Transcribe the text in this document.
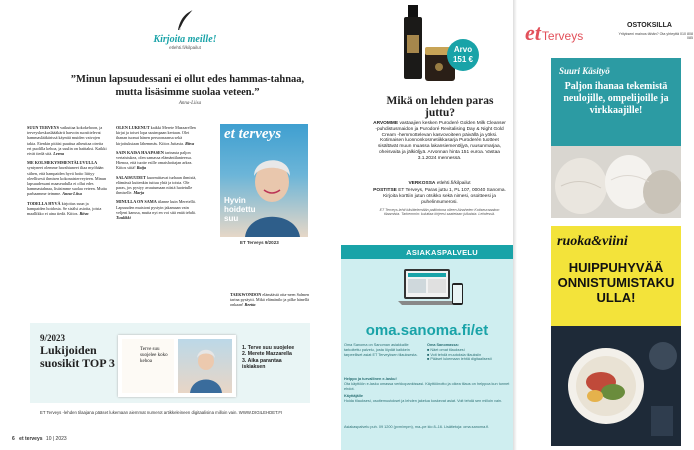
Kirjoita meille!
etlehti.fi/kilpailut
”Minun lapsuudessani ei ollut edes hammas-tahnaa, mutta lisäsimme suolaa veteen.”
Anna-Liisa

SUUN TERVEYS vaikuttaa kokokehoon, ja terveyskeskusläääkärit harvoin suosittelevat hammaslääkärissä käyntiä muiden vaivojen takia. Etenkin pitäisi puuttua aiheuttaa oireita eri puolilla kehoa, ja suulin on haittaksi. Kaikki eivät tiedä sitä. Leena

ME KOLMEKYMMENTÄLUVULLA syntyneet olemme havahtuneet iliaa myöhään siihen, että hampaiden hyvä hoito liittyy oleellisesti ihmisen kokonaisterveyteen. Minun lapsuudessani maaseudulla ei ollut edes hammastahnaa, lisäsimme suolaa veteen. Mutta parhaamme teimme. Anna-Liisa

TODELLA HYVÄ kirjoitus suun ja hampaiden hoidosta. Se sisälsi asioita, joista maallikko ei aina tiedä. Kiitos. Ritva

OLEN LUKENUT kaikki Merete Mazzarellen kirjat ja toiset lopa uusimpaan kertaan. Olet ihanan tuonut hänen persoonaansa sekä kirjoituksiaan lähemmäs. Kiitos Juttasta. Ritva

SAIN KAISA HAAPASEN tarinasta paljon vertaistukea, olen samassa elämäntilanteessa. Hienoa, että tuotte esille omaishoitajan arkea. Kiitos siitä! Raija

SALAISUUDET kuormittavat turhaan ihmistä, elämässä kuitenkin tuttuu yhtä ja toista. Ole paras, jos pystyy avautumaan niistä luotetulle ihmiselle. Marja

MINULLA ON SAMA tilanne kuin Meretellä. Lapsuuden muistoni pystyin jakamaan vain veljeni kanssa, mutta nyt en voi sitä enää tehdä. Tuulikki

et terveys
Hyvin hoidettu suu
ET Terveys 9/2023

TAEKWONDON elämäästä otta-neen Salmen tarina pysäytti. Mikä elämänilo ja pilke hänellä onkaan! Reetta

9/2023
Lukijoiden suosikit TOP 3
Terve suu suojelee koko kehoa
1. Terve suu suojelee
2. Merete Mazzarella
3. Aika parantaa iskiaksen
ET Terveys -lehden tilaajana pääset lukemaan aiemmat numerot artikkeleineen digitaalisina milloin vain. WWW.DIGILEHDET.FI
6 et terveys 10 | 2023
Arvo 151 €
Mikä on lehden paras juttu?
ARVOMME vastaajien kesken Puroderé Golden Milk Cleanser -puhdistusmaidon ja Purodoré Revitalising Day & Night Gold Cream -hemmottelevan kasvovoiteen päivällä ja yöksi. Kotimaisen luonnonkosmetiikkasarja Puroderén tuotteet sisältävät muun muassa lakansiemenöljyä, ruusunmarjaa, oheisvaita ja jälkiöljyä. Arvonnan hinta 151 euroa. Vastaa 3.1.2024 mennessä.
VERKOSSA etlehti.fi/kilpailut
POSTITSE ET Terveys, Paras juttu 1, PL 107, 00040 Sanoma. Kirjoita korttiin jutun otsikko sekä nimesi, osoitteesi ja puhelinnumerosi.
ET Terveys-lehti käsittelemään palkintona olleen Ainaheien Kotiseuraaakon tilaamista. Tarkemmin: kuluttaa kirjeesi saatetaan julkaista. Lehdessä.
ASIAKASPALVELU
oma.sanoma.fi/et
Oma Sanoma on Sanoman asiakkaille tarkoitettu palvelu, josta löydät kaikkein tarpeelliset asiat ET Terveyksen tilauksesta.
Oma Sanomassa:
■ Näet omat tilauksesi
■ Voit tehdä muutoksia tilauksiin
■ Pääset lukemaan lehtiä digitaalisesti
Helppo ja turvallinen e-lasku!
Ota käyttöön e-lasku omassa verkkopankissasi. Käyttöönotto ja oikea tilaus on helppoa kun tunnet ehdot.
Käyttäjälle
Hoida tilauksesi, osoitemuutokset ja lehden jakelua koskevat asiat. Voit tehdä sen milloin vain.
Asiakaspalvelu puh. 09 1200 (pvm/mpm), ma–pe klo 8–16. Lisätietoja: oma.sanoma.fi.
etTerveys
OSTOKSILLA
Yritykseni mainos tähän? Ota yhteyttä 010 808 085
Suuri Käsityö
Paljon ihanaa tekemistä neulojille, ompelijoille ja virkkaajille!
ruoka&viini
HUIPPUHYVÄÄ ONNISTUMISTAKUULLA!
